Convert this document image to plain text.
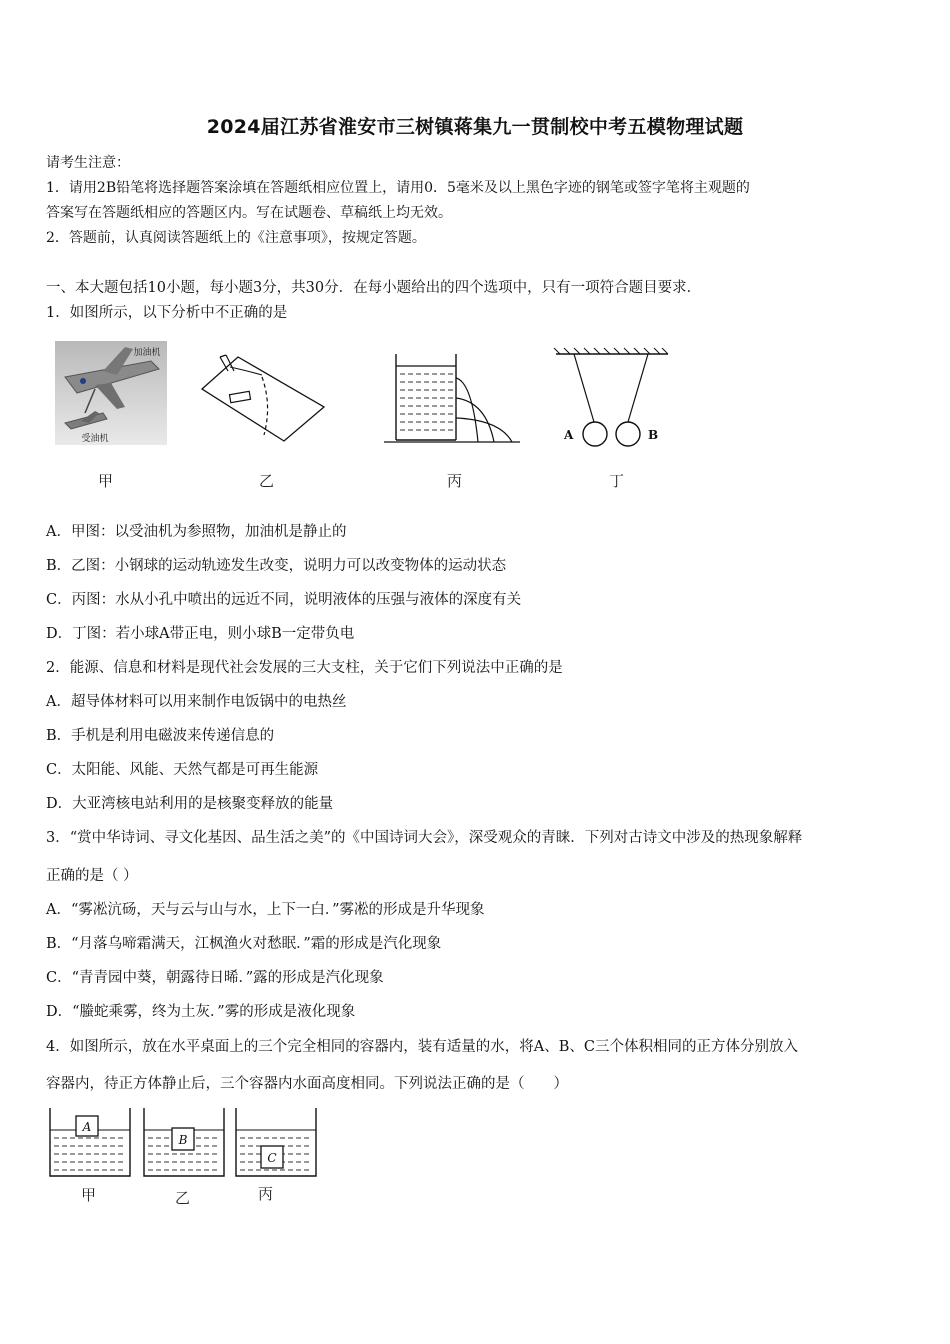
2024届江苏省淮安市三树镇蒋集九一贯制校中考五模物理试题
请考生注意：
1．请用2B铅笔将选择题答案涂填在答题纸相应位置上，请用0．5毫米及以上黑色字迹的钢笔或签字笔将主观题的
答案写在答题纸相应的答题区内。写在试题卷、草稿纸上均无效。
2．答题前，认真阅读答题纸上的《注意事项》，按规定答题。
一、本大题包括10小题，每小题3分，共30分．在每小题给出的四个选项中，只有一项符合题目要求．
1．如图所示，以下分析中不正确的是
加油机
受油机	A	B
甲	乙	丙	丁
A．甲图：以受油机为参照物，加油机是静止的
B．乙图：小钢球的运动轨迹发生改变，说明力可以改变物体的运动状态
C．丙图：水从小孔中喷出的远近不同，说明液体的压强与液体的深度有关
D．丁图：若小球A带正电，则小球B一定带负电
2．能源、信息和材料是现代社会发展的三大支柱，关于它们下列说法中正确的是
A．超导体材料可以用来制作电饭锅中的电热丝
B．手机是利用电磁波来传递信息的
C．太阳能、风能、天然气都是可再生能源
D．大亚湾核电站利用的是核聚变释放的能量
3．“赏中华诗词、寻文化基因、品生活之美”的《中国诗词大会》，深受观众的青睐．下列对古诗文中涉及的热现象解释
正确的是（ ）
A．“雾凇沆砀，天与云与山与水，上下一白．”雾凇的形成是升华现象
B．“月落乌啼霜满天，江枫渔火对愁眠．”霜的形成是汽化现象
C．“青青园中葵，朝露待日晞．”露的形成是汽化现象
D．“螣蛇乘雾，终为土灰．”雾的形成是液化现象
4．如图所示，放在水平桌面上的三个完全相同的容器内，装有适量的水，将A、B、C三个体积相同的正方体分别放入
容器内，待正方体静止后，三个容器内水面高度相同。下列说法正确的是（　　）
A
B
C
甲	乙	丙
